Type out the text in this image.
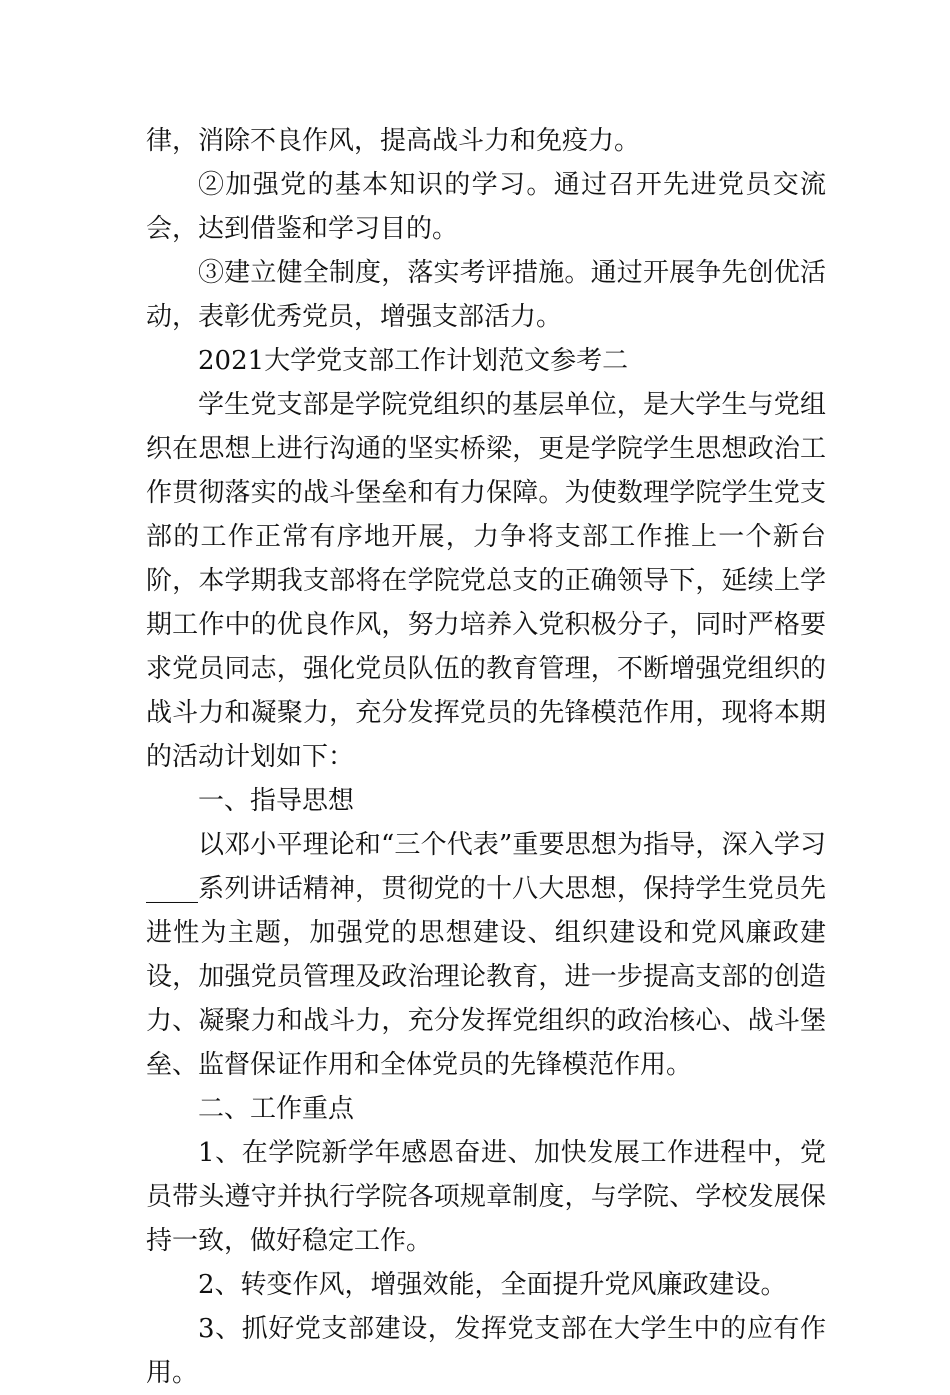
律，消除不良作风，提高战斗力和免疫力。

②加强党的基本知识的学习。通过召开先进党员交流会，达到借鉴和学习目的。

③建立健全制度，落实考评措施。通过开展争先创优活动，表彰优秀党员，增强支部活力。

2021大学党支部工作计划范文参考二

学生党支部是学院党组织的基层单位，是大学生与党组织在思想上进行沟通的坚实桥梁，更是学院学生思想政治工作贯彻落实的战斗堡垒和有力保障。为使数理学院学生党支部的工作正常有序地开展，力争将支部工作推上一个新台阶，本学期我支部将在学院党总支的正确领导下，延续上学期工作中的优良作风，努力培养入党积极分子，同时严格要求党员同志，强化党员队伍的教育管理，不断增强党组织的战斗力和凝聚力，充分发挥党员的先锋模范作用，现将本期的活动计划如下：

一、指导思想

以邓小平理论和“三个代表”重要思想为指导，深入学习____系列讲话精神，贯彻党的十八大思想，保持学生党员先进性为主题，加强党的思想建设、组织建设和党风廉政建设，加强党员管理及政治理论教育，进一步提高支部的创造力、凝聚力和战斗力，充分发挥党组织的政治核心、战斗堡垒、监督保证作用和全体党员的先锋模范作用。

二、工作重点

1、在学院新学年感恩奋进、加快发展工作进程中，党员带头遵守并执行学院各项规章制度，与学院、学校发展保持一致，做好稳定工作。

2、转变作风，增强效能，全面提升党风廉政建设。

3、抓好党支部建设，发挥党支部在大学生中的应有作用。
